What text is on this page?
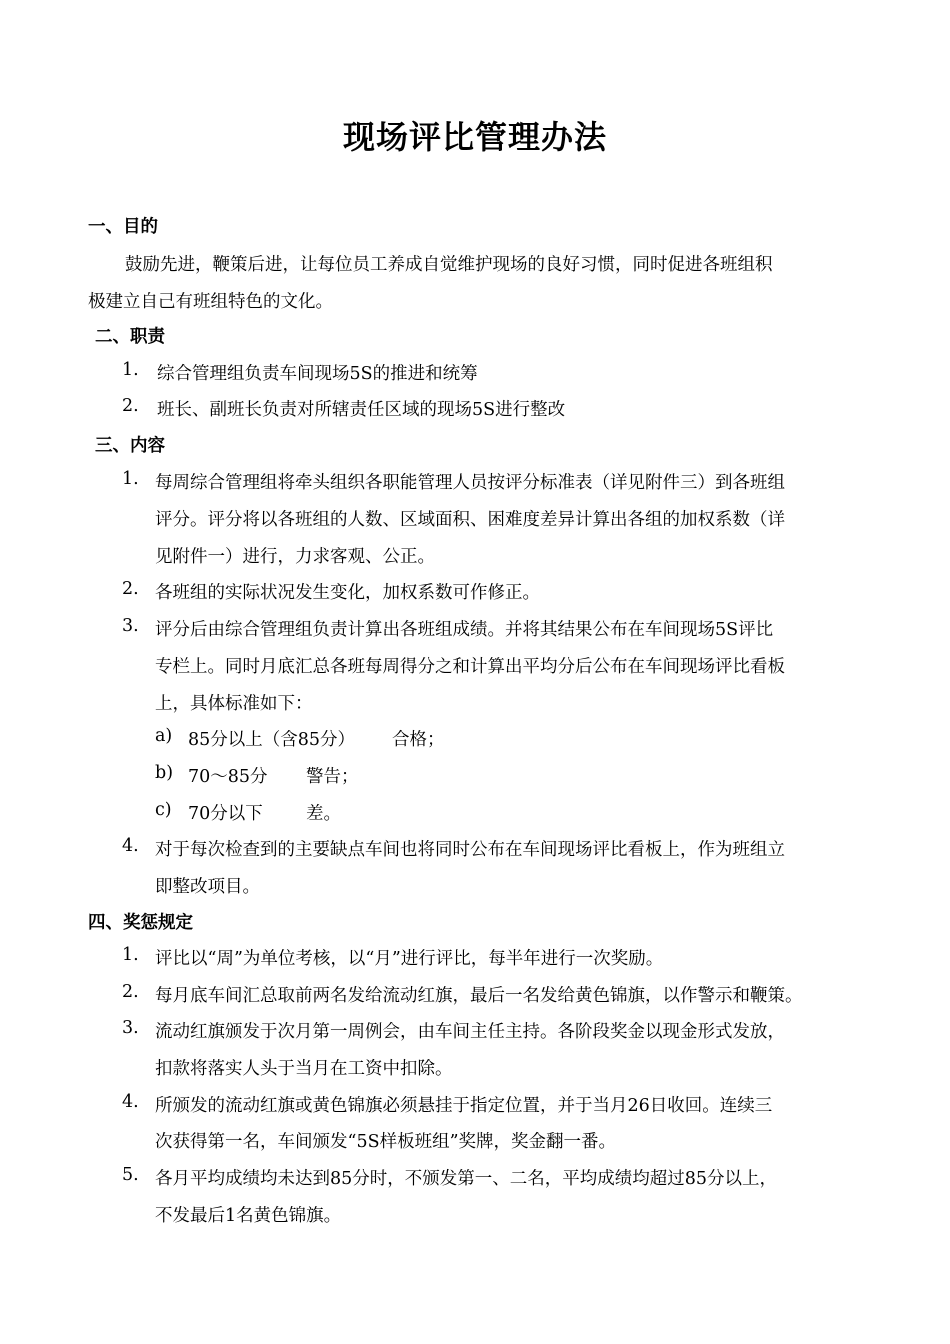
现场评比管理办法
一、目的
鼓励先进，鞭策后进，让每位员工养成自觉维护现场的良好习惯，同时促进各班组积
极建立自己有班组特色的文化。
二、职责
1. 综合管理组负责车间现场5S的推进和统筹
2. 班长、副班长负责对所辖责任区域的现场5S进行整改
三、内容
1. 每周综合管理组将牵头组织各职能管理人员按评分标准表（详见附件三）到各班组
评分。评分将以各班组的人数、区域面积、困难度差异计算出各组的加权系数（详
见附件一）进行，力求客观、公正。
2. 各班组的实际状况发生变化，加权系数可作修正。
3. 评分后由综合管理组负责计算出各班组成绩。并将其结果公布在车间现场5S评比
专栏上。同时月底汇总各班每周得分之和计算出平均分后公布在车间现场评比看板
上，具体标准如下：
a) 85分以上（含85分） 合格；
b) 70～85分 警告；
c) 70分以下 差。
4. 对于每次检查到的主要缺点车间也将同时公布在车间现场评比看板上，作为班组立
即整改项目。
四、奖惩规定
1. 评比以“周”为单位考核，以“月”进行评比，每半年进行一次奖励。
2. 每月底车间汇总取前两名发给流动红旗，最后一名发给黄色锦旗，以作警示和鞭策。
3. 流动红旗颁发于次月第一周例会，由车间主任主持。各阶段奖金以现金形式发放，
扣款将落实人头于当月在工资中扣除。
4. 所颁发的流动红旗或黄色锦旗必须悬挂于指定位置，并于当月26日收回。连续三
次获得第一名，车间颁发“5S样板班组”奖牌，奖金翻一番。
5. 各月平均成绩均未达到85分时，不颁发第一、二名，平均成绩均超过85分以上，
不发最后1名黄色锦旗。
